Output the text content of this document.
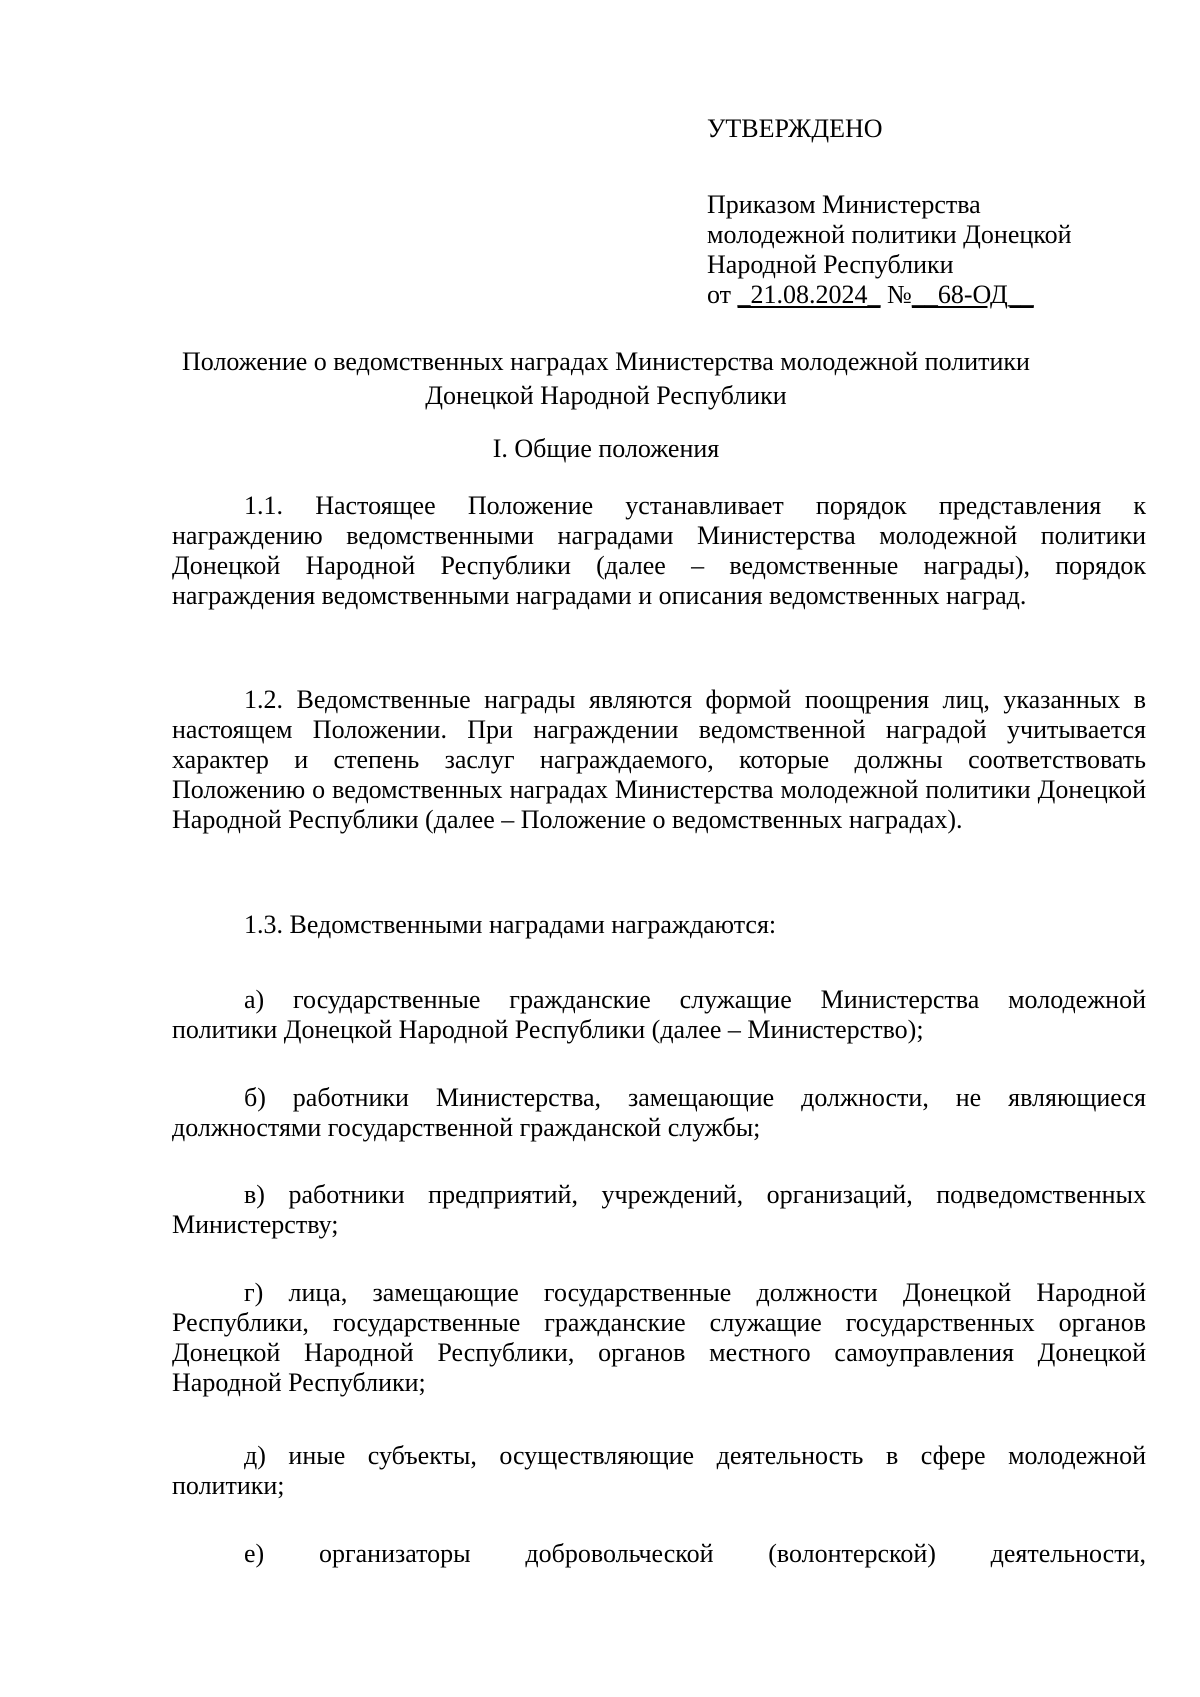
УТВЕРЖДЕНО

Приказом Министерства
молодежной политики Донецкой
Народной Республики
от _21.08.2024_ №__68-ОД__
Положение о ведомственных наградах Министерства молодежной политики
Донецкой Народной Республики
I. Общие положения

1.1. Настоящее Положение устанавливает порядок представления к награждению ведомственными наградами Министерства молодежной политики Донецкой Народной Республики (далее – ведомственные награды), порядок награждения ведомственными наградами и описания ведомственных наград.

1.2. Ведомственные награды являются формой поощрения лиц, указанных в настоящем Положении. При награждении ведомственной наградой учитывается характер и степень заслуг награждаемого, которые должны соответствовать Положению о ведомственных наградах Министерства молодежной политики Донецкой Народной Республики (далее – Положение о ведомственных наградах).

1.3. Ведомственными наградами награждаются:

а) государственные гражданские служащие Министерства молодежной политики Донецкой Народной Республики (далее – Министерство);

б) работники Министерства, замещающие должности, не являющиеся должностями государственной гражданской службы;

в) работники предприятий, учреждений, организаций, подведомственных Министерству;

г) лица, замещающие государственные должности Донецкой Народной Республики, государственные гражданские служащие государственных органов Донецкой Народной Республики, органов местного самоуправления Донецкой Народной Республики;

д) иные субъекты, осуществляющие деятельность в сфере молодежной политики;

е) организаторы добровольческой (волонтерской) деятельности,
